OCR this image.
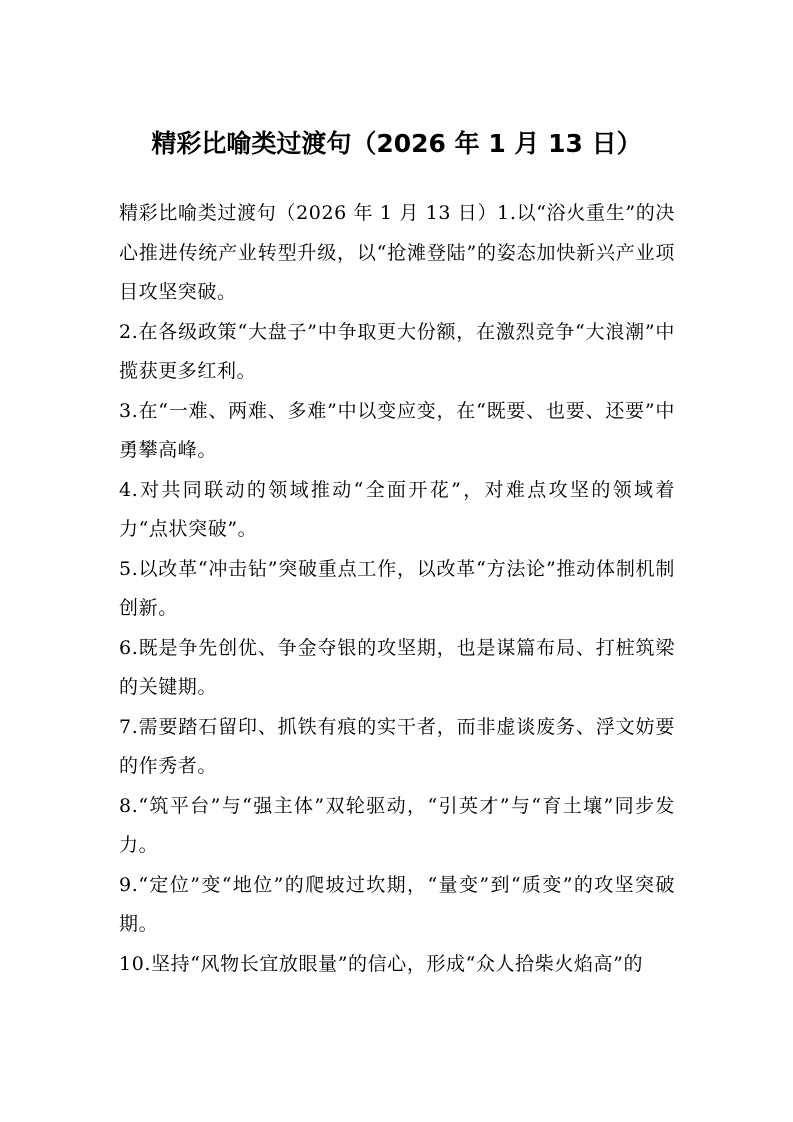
精彩比喻类过渡句（2026 年 1 月 13 日）

精彩比喻类过渡句（2026 年 1 月 13 日）1.以“浴火重生”的决心推进传统产业转型升级，以“抢滩登陆”的姿态加快新兴产业项目攻坚突破。

2.在各级政策“大盘子”中争取更大份额，在激烈竞争“大浪潮”中揽获更多红利。

3.在“一难、两难、多难”中以变应变，在“既要、也要、还要”中勇攀高峰。

4.对共同联动的领域推动“全面开花”，对难点攻坚的领域着力“点状突破”。

5.以改革“冲击钻”突破重点工作，以改革“方法论”推动体制机制创新。

6.既是争先创优、争金夺银的攻坚期，也是谋篇布局、打桩筑梁的关键期。

7.需要踏石留印、抓铁有痕的实干者，而非虚谈废务、浮文妨要的作秀者。

8.“筑平台”与“强主体”双轮驱动，“引英才”与“育土壤”同步发力。

9.“定位”变“地位”的爬坡过坎期，“量变”到“质变”的攻坚突破期。

10.坚持“风物长宜放眼量”的信心，形成“众人拾柴火焰高”的
